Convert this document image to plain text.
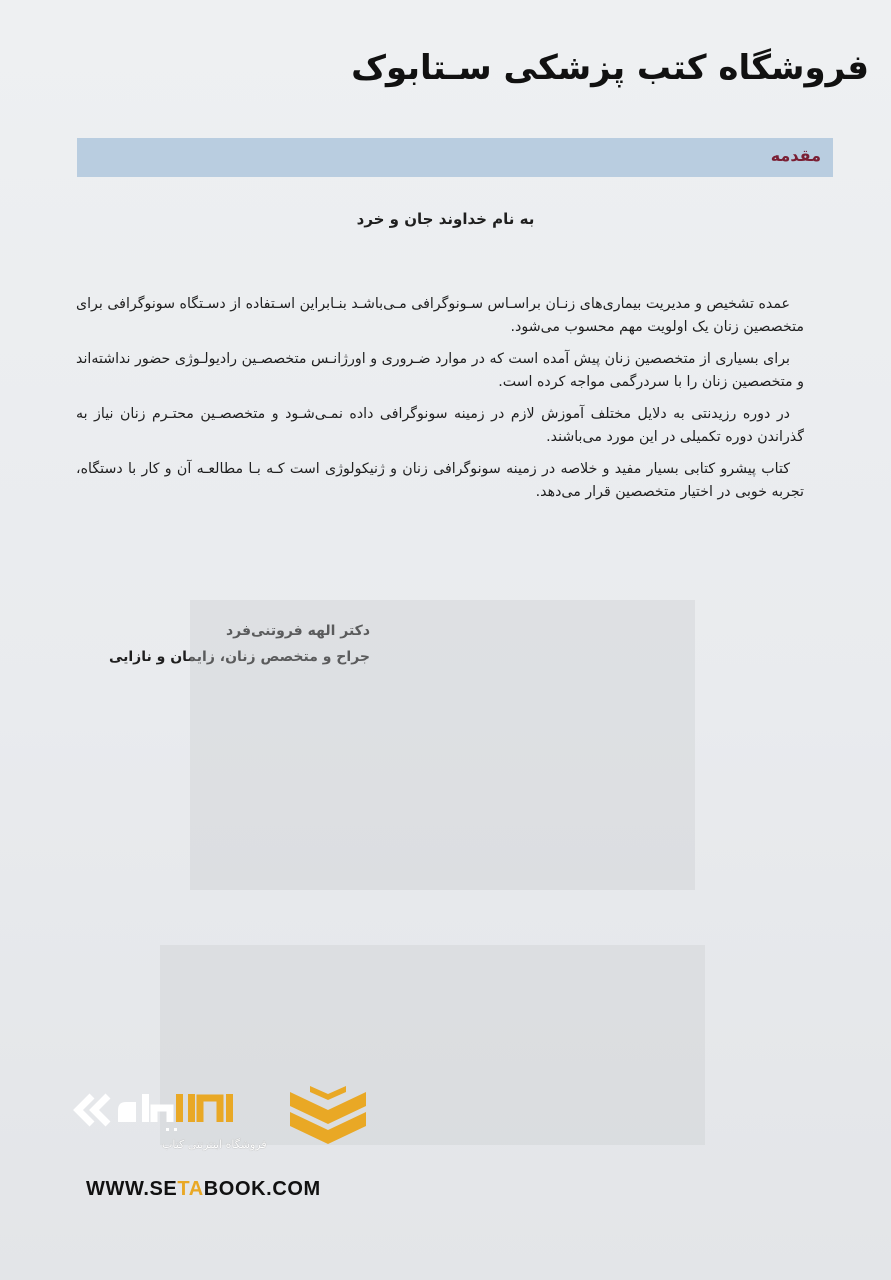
فروشگاه کتب پزشکی سـتابوک
مقدمه
به نام خداوند جان و خرد

عمده تشخیص و مدیریت بیماری‌های زنـان براسـاس سـونوگرافی مـی‌باشـد بنـابراین اسـتفاده از دسـتگاه سونوگرافی برای متخصصین زنان یک اولویت مهم محسوب می‌شود.

برای بسیاری از متخصصین زنان پیش آمده است که در موارد ضـروری و اورژانـس متخصصـین رادیولـوژی حضور نداشته‌اند و متخصصین زنان را با سردرگمی مواجه کرده است.

در دوره رزیدنتی به دلایل مختلف آموزش لازم در زمینه سونوگرافی داده نمـی‌شـود و متخصصـین محتـرم زنان نیاز به گذراندن دوره تکمیلی در این مورد می‌باشند.

کتاب پیشرو کتابی بسیار مفید و خلاصه در زمینه سونوگرافی زنان و ژنیکولوژی است کـه بـا مطالعـه آن و کار با دستگاه، تجربه خوبی در اختیار متخصصین قرار می‌دهد.

دکتر الهه فروتنی‌فرد
جراح و متخصص زنان، زایمان و نازایی
فروشگاه اینترنتی کتاب
WWW.SETABOOK.COM
